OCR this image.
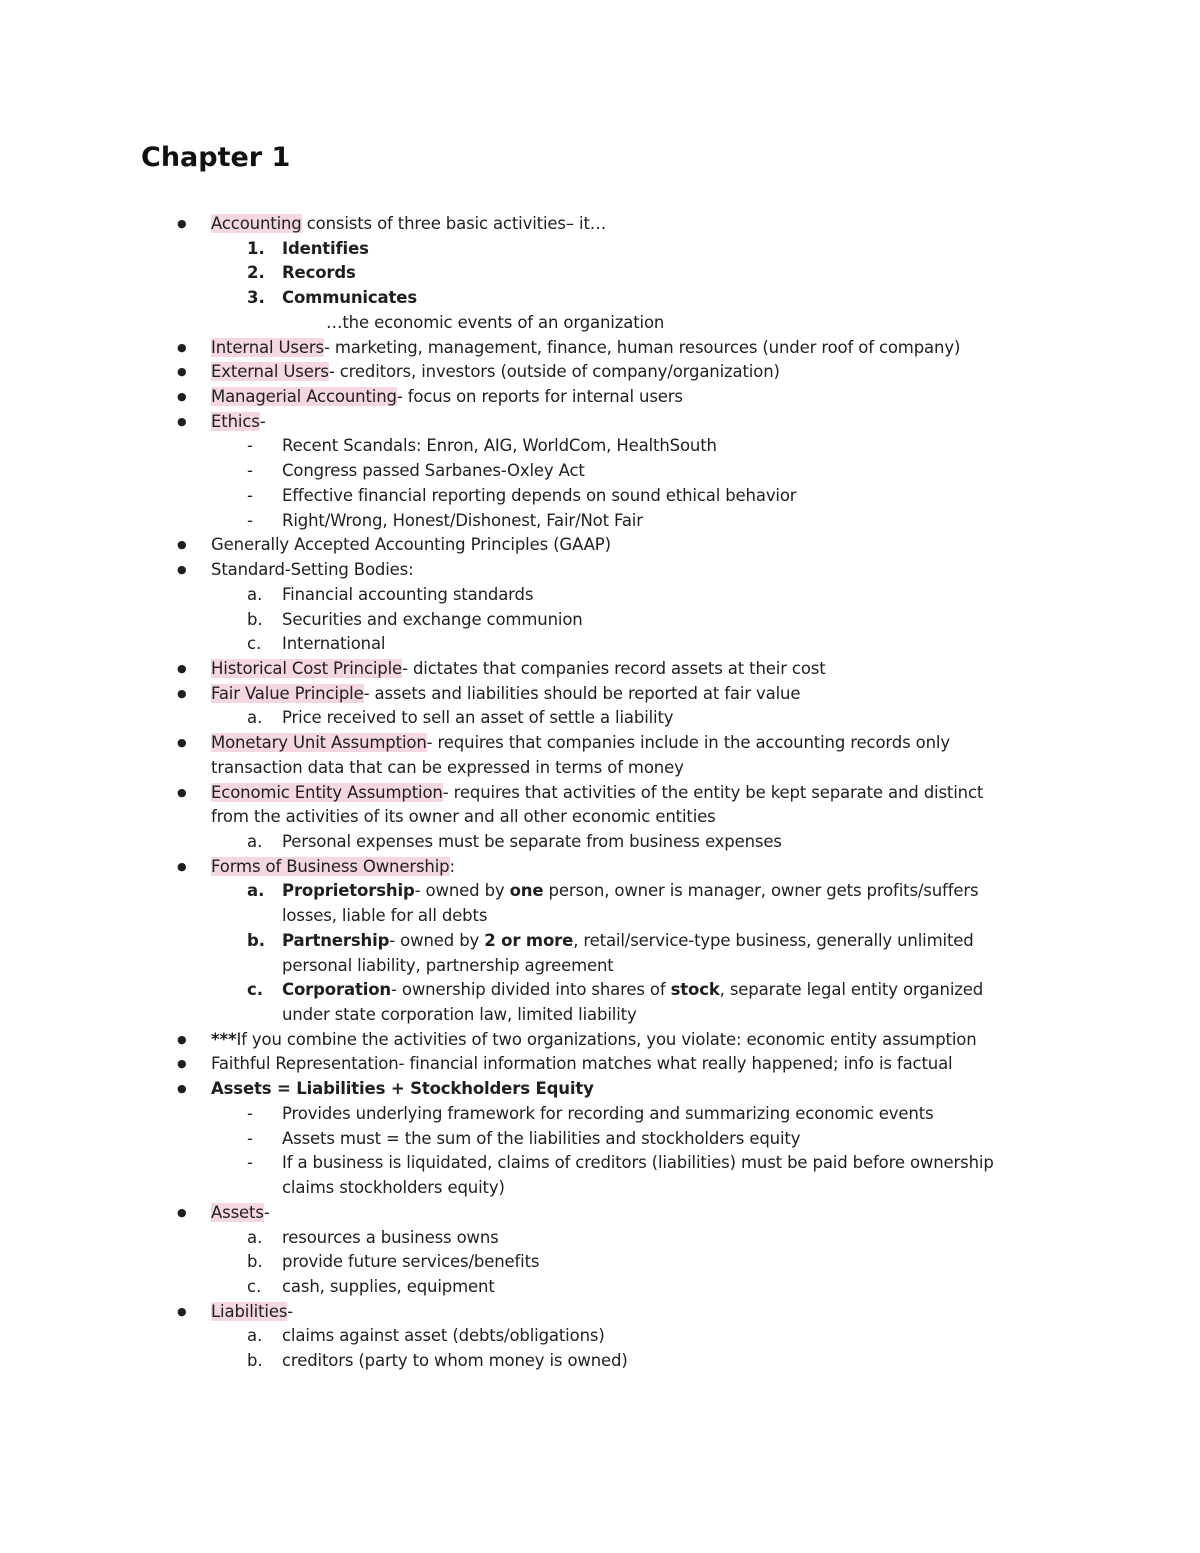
Chapter 1
● Accounting consists of three basic activities– it…
1. Identifies
2. Records
3. Communicates
…the economic events of an organization
● Internal Users- marketing, management, finance, human resources (under roof of company)
● External Users- creditors, investors (outside of company/organization)
● Managerial Accounting- focus on reports for internal users
● Ethics-
- Recent Scandals: Enron, AIG, WorldCom, HealthSouth
- Congress passed Sarbanes-Oxley Act
- Effective financial reporting depends on sound ethical behavior
- Right/Wrong, Honest/Dishonest, Fair/Not Fair
● Generally Accepted Accounting Principles (GAAP)
● Standard-Setting Bodies:
a. Financial accounting standards
b. Securities and exchange communion
c. International
● Historical Cost Principle- dictates that companies record assets at their cost
● Fair Value Principle- assets and liabilities should be reported at fair value
a. Price received to sell an asset of settle a liability
● Monetary Unit Assumption- requires that companies include in the accounting records only
transaction data that can be expressed in terms of money
● Economic Entity Assumption- requires that activities of the entity be kept separate and distinct
from the activities of its owner and all other economic entities
a. Personal expenses must be separate from business expenses
● Forms of Business Ownership:
a. Proprietorship- owned by one person, owner is manager, owner gets profits/suffers
losses, liable for all debts
b. Partnership- owned by 2 or more, retail/service-type business, generally unlimited
personal liability, partnership agreement
c. Corporation- ownership divided into shares of stock, separate legal entity organized
under state corporation law, limited liability
● ***If you combine the activities of two organizations, you violate: economic entity assumption
● Faithful Representation- financial information matches what really happened; info is factual
● Assets = Liabilities + Stockholders Equity
- Provides underlying framework for recording and summarizing economic events
- Assets must = the sum of the liabilities and stockholders equity
- If a business is liquidated, claims of creditors (liabilities) must be paid before ownership
claims stockholders equity)
● Assets-
a. resources a business owns
b. provide future services/benefits
c. cash, supplies, equipment
● Liabilities-
a. claims against asset (debts/obligations)
b. creditors (party to whom money is owned)
